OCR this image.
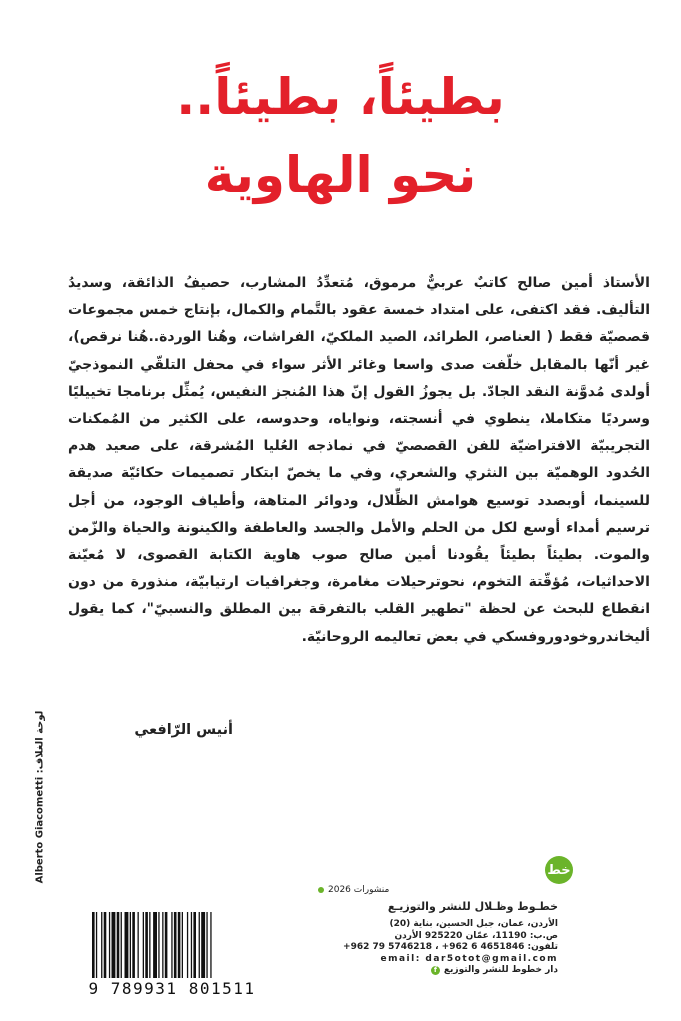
بطيئاً، بطيئاً..
نحو الهاوية
الأستاذ أمين صالح كاتبٌ عربيٌّ مرموق، مُتعدِّدُ المشارب، حصيفُ الذائقة، وسديدُ التأليف. فقد اكتفى، على امتداد خمسة عقود بالتَّمام والكمال، بإنتاج خمس مجموعات قصصيّة فقط ( العناصر، الطرائد، الصيد الملكيّ، الفراشات، وهُنا الوردة..هُنا نرقص)، غير أنّها بالمقابل خلّفت صدى واسعا وغائر الأثر سواء في محفل التلقّي النموذجيّ أولدى مُدوَّنة النقد الجادّ. بل يجوزُ القول إنّ هذا المُنجز النفيس، يُمثِّل برنامجا تخييليًا وسرديًا متكاملا، ينطوي في أنسجته، ونواياه، وحدوسه، على الكثير من المُمكنات التجريبيّة الافتراضيّة للفن القصصيّ في نماذجه العُليا المُشرقة، على صعيد هدم الحُدود الوهميّة بين النثري والشعري، وفي ما يخصّ ابتكار تصميمات حكائيّة صديقة للسينما، أوبصدد توسيع هوامش الظِّلال، ودوائر المتاهة، وأطياف الوجود، من أجل ترسيم أمداء أوسع لكل من الحلم والأمل والجسد والعاطفة والكينونة والحياة والزّمن والموت. بطيئاً بطيئاً يقُودنا أمين صالح صوب هاوية الكتابة القصوى، لا مُعيّنة الاحداثيات، مُؤقّتة التخوم، نحوترحيلات مغامرة، وجغرافيات ارتيابيّة، منذورة من دون انقطاع للبحث عن لحظة "تطهير القلب بالتفرقة بين المطلق والنسبيّ"، كما يقول أليخاندروخودوروفسكي في بعض تعاليمه الروحانيّة.
أنيس الرّافعي
لوحة الغلاف: Alberto Giacometti
خط
منشورات 2026
9 789931 801511
خطـوط وظـلال للنشر والتوزيـع
الأردن، عمان، جبل الحسين، بناية (20)
ص.ب: 11190، عمّان 925220 الأردن
تلفون: +962 79 5746218 ، +962 6 4651846
email: dar5otot@gmail.com
دار خطوط للنشر والتوزيع
f
